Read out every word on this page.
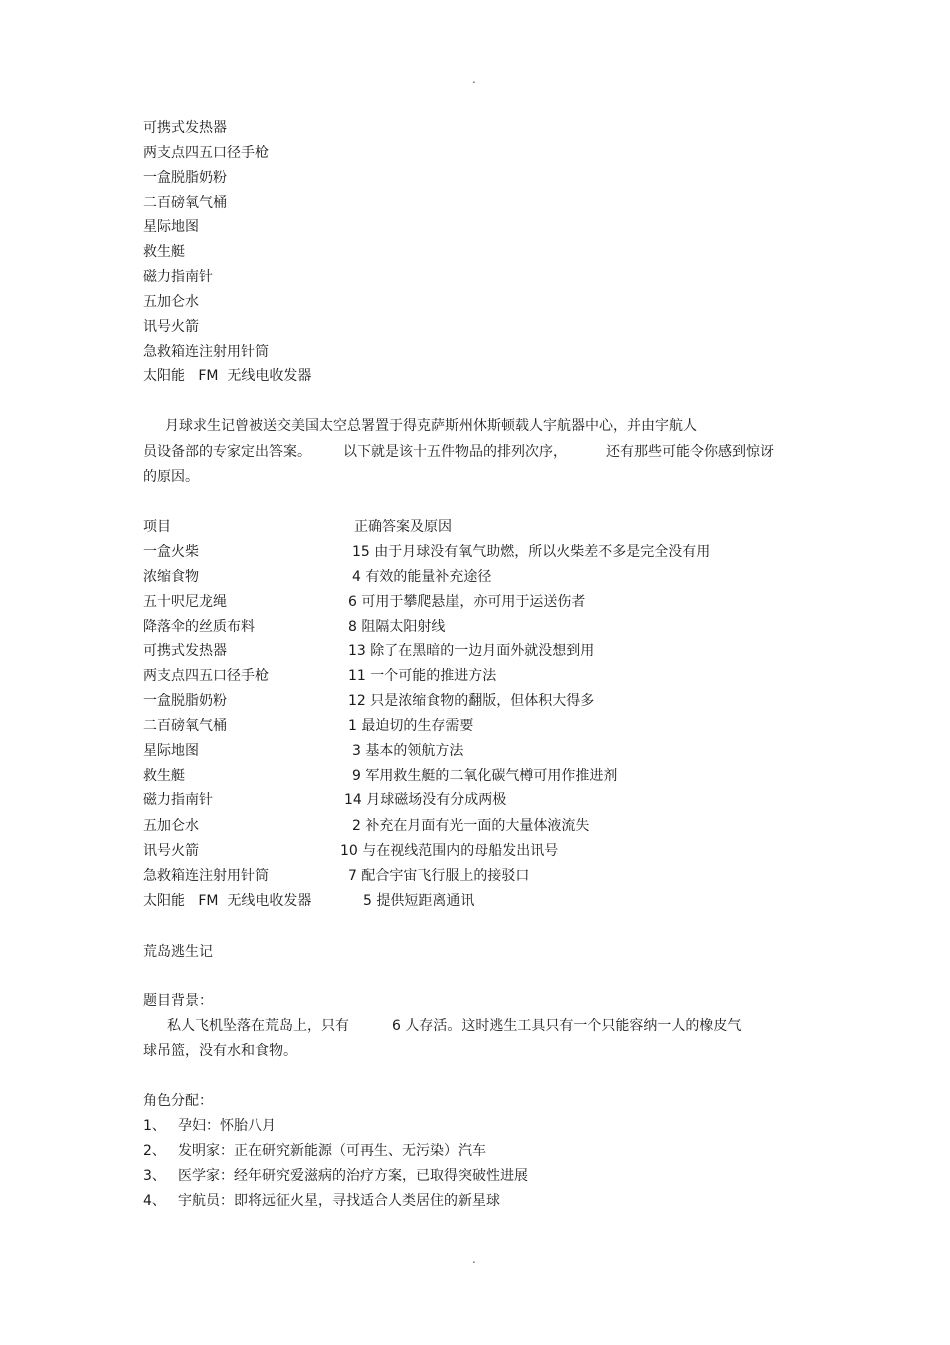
.
可携式发热器
两支点四五口径手枪
一盒脱脂奶粉
二百磅氧气桶
星际地图
救生艇
磁力指南针
五加仑水
讯号火箭
急救箱连注射用针筒
太阳能   FM  无线电收发器
月球求生记曾被送交美国太空总署置于得克萨斯州休斯顿载人宇航器中心，并由宇航人
员设备部的专家定出答案。 以下就是该十五件物品的排列次序，	还有那些可能令你感到惊讶
的原因。
项目	正确答案及原因
一盒火柴	15 由于月球没有氧气助燃，所以火柴差不多是完全没有用
浓缩食物	4 有效的能量补充途径
五十呎尼龙绳	6 可用于攀爬悬崖，亦可用于运送伤者
降落伞的丝质布料	8 阻隔太阳射线
可携式发热器	13 除了在黑暗的一边月面外就没想到用
两支点四五口径手枪	11 一个可能的推进方法
一盒脱脂奶粉	12 只是浓缩食物的翻版，但体积大得多
二百磅氧气桶	1 最迫切的生存需要
星际地图	3 基本的领航方法
救生艇	9 军用救生艇的二氧化碳气樽可用作推进剂
磁力指南针	14 月球磁场没有分成两极
五加仑水	2 补充在月面有光一面的大量体液流失
讯号火箭	10 与在视线范围内的母船发出讯号
急救箱连注射用针筒	7 配合宇宙飞行服上的接驳口
太阳能   FM  无线电收发器	5 提供短距离通讯
荒岛逃生记
题目背景：
私人飞机坠落在荒岛上，只有	6 人存活。这时逃生工具只有一个只能容纳一人的橡皮气
球吊篮，没有水和食物。
角色分配：
1、 孕妇：怀胎八月
2、 发明家：正在研究新能源（可再生、无污染）汽车
3、 医学家：经年研究爱滋病的治疗方案，已取得突破性进展
4、 宇航员：即将远征火星，寻找适合人类居住的新星球
.
